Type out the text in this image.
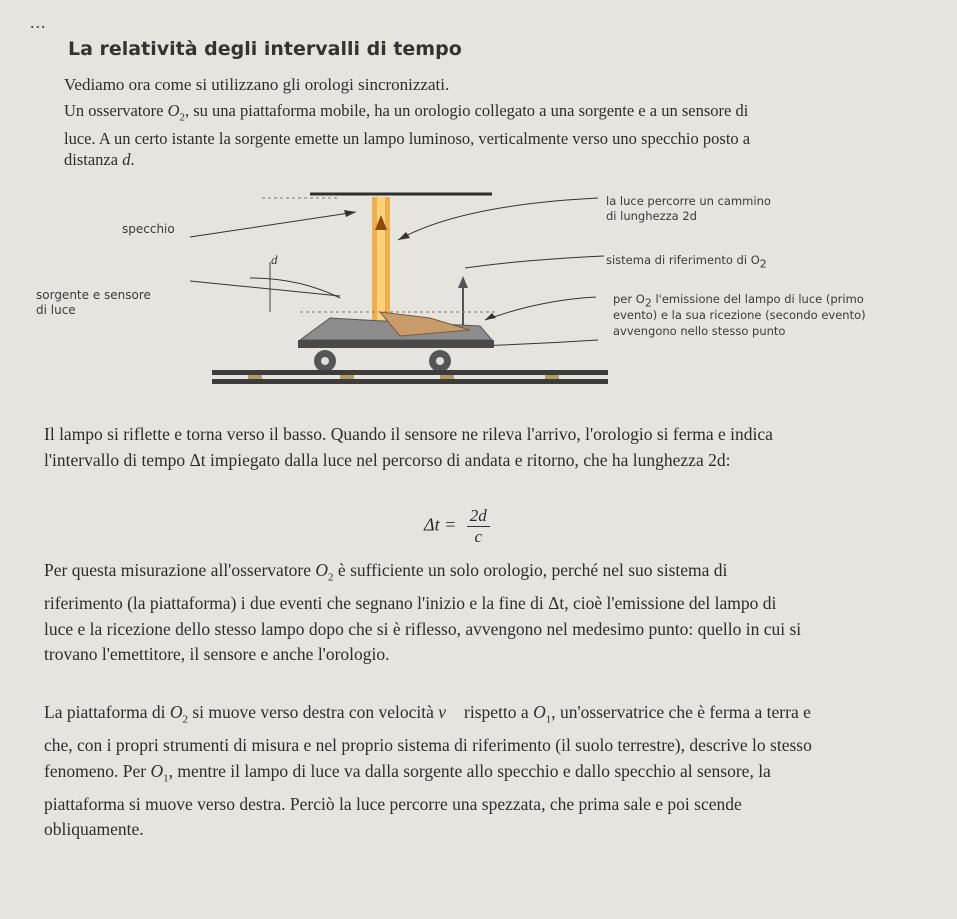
...
La relatività degli intervalli di tempo
Vediamo ora come si utilizzano gli orologi sincronizzati.
Un osservatore $O_2$, su una piattaforma mobile, ha un orologio collegato a una sorgente e a un sensore di luce. A un certo istante la sorgente emette un lampo luminoso, verticalmente verso uno specchio posto a distanza d.
specchio
sorgente e sensore
di luce
d
la luce percorre un cammino
di lunghezza 2d
sistema di riferimento di $O_2$
per $O_2$ l'emissione del lampo di luce (primo
evento) e la sua ricezione (secondo evento)
avvengono nello stesso punto
Il lampo si riflette e torna verso il basso. Quando il sensore ne rileva l'arrivo, l'orologio si ferma e indica l'intervallo di tempo Δt impiegato dalla luce nel percorso di andata e ritorno, che ha lunghezza 2d:
$\Delta t = \frac{2d}{c}$
Per questa misurazione all'osservatore $O_2$ è sufficiente un solo orologio, perché nel suo sistema di riferimento (la piattaforma) i due eventi che segnano l'inizio e la fine di Δt, cioè l'emissione del lampo di luce e la ricezione dello stesso lampo dopo che si è riflesso, avvengono nel medesimo punto: quello in cui si trovano l'emettitore, il sensore e anche l'orologio.
La piattaforma di $O_2$ si muove verso destra con velocità v⃗ rispetto a $O_1$, un'osservatrice che è ferma a terra e che, con i propri strumenti di misura e nel proprio sistema di riferimento (il suolo terrestre), descrive lo stesso fenomeno. Per $O_1$, mentre il lampo di luce va dalla sorgente allo specchio e dallo specchio al sensore, la piattaforma si muove verso destra. Perciò la luce percorre una spezzata, che prima sale e poi scende obliquamente.
